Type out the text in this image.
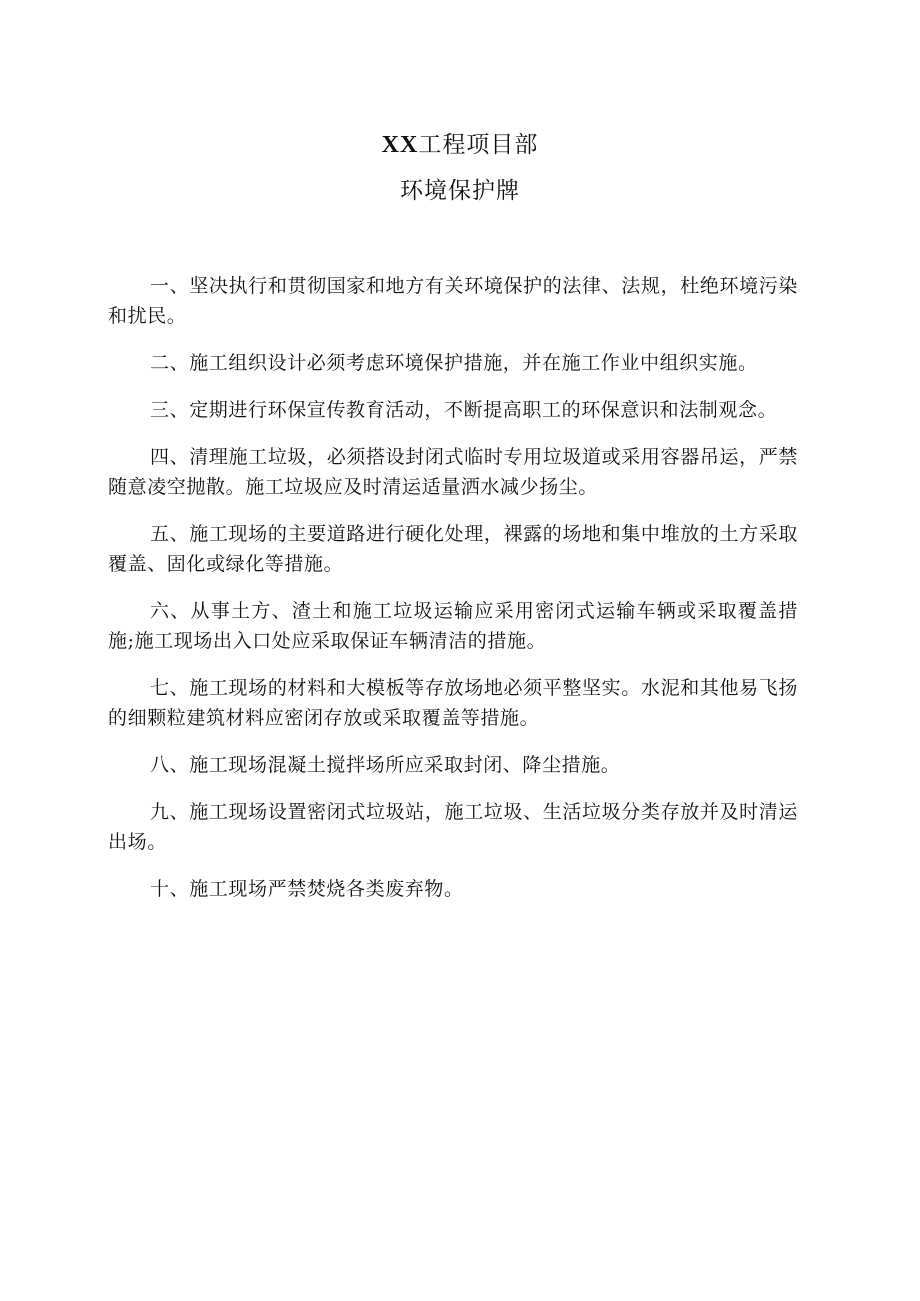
XX工程项目部
环境保护牌

一、坚决执行和贯彻国家和地方有关环境保护的法律、法规，杜绝环境污染和扰民。

二、施工组织设计必须考虑环境保护措施，并在施工作业中组织实施。

三、定期进行环保宣传教育活动，不断提高职工的环保意识和法制观念。

四、清理施工垃圾，必须搭设封闭式临时专用垃圾道或采用容器吊运，严禁随意凌空抛散。施工垃圾应及时清运适量洒水减少扬尘。

五、施工现场的主要道路进行硬化处理，裸露的场地和集中堆放的土方采取覆盖、固化或绿化等措施。

六、从事土方、渣土和施工垃圾运输应采用密闭式运输车辆或采取覆盖措施;施工现场出入口处应采取保证车辆清洁的措施。

七、施工现场的材料和大模板等存放场地必须平整坚实。水泥和其他易飞扬的细颗粒建筑材料应密闭存放或采取覆盖等措施。

八、施工现场混凝土搅拌场所应采取封闭、降尘措施。

九、施工现场设置密闭式垃圾站，施工垃圾、生活垃圾分类存放并及时清运出场。

十、施工现场严禁焚烧各类废弃物。
